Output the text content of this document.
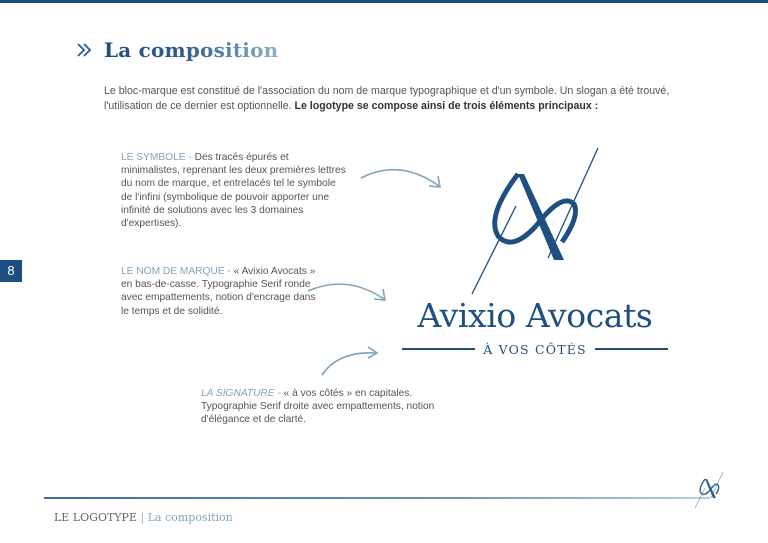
La composition

Le bloc-marque est constitué de l'association du nom de marque typographique et d'un symbole. Un slogan a été trouvé, l'utilisation de ce dernier est optionnelle. Le logotype se compose ainsi de trois éléments principaux :

LE SYMBOLE - Des tracés épurés et minimalistes, reprenant les deux premières lettres du nom de marque, et entrelacés tel le symbole de l'infini (symbolique de pouvoir apporter une infinité de solutions avec les 3 domaines d'expertises).
LE NOM DE MARQUE - « Avixio Avocats » en bas-de-casse. Typographie Serif ronde avec empattements, notion d'encrage dans le temps et de solidité.
LA SIGNATURE - « à vos côtés » en capitales. Typographie Serif droite avec empattements, notion d'élégance et de clarté.
8
Avixio Avocats
À VOS CÔTÉS
LE LOGOTYPE | La composition
